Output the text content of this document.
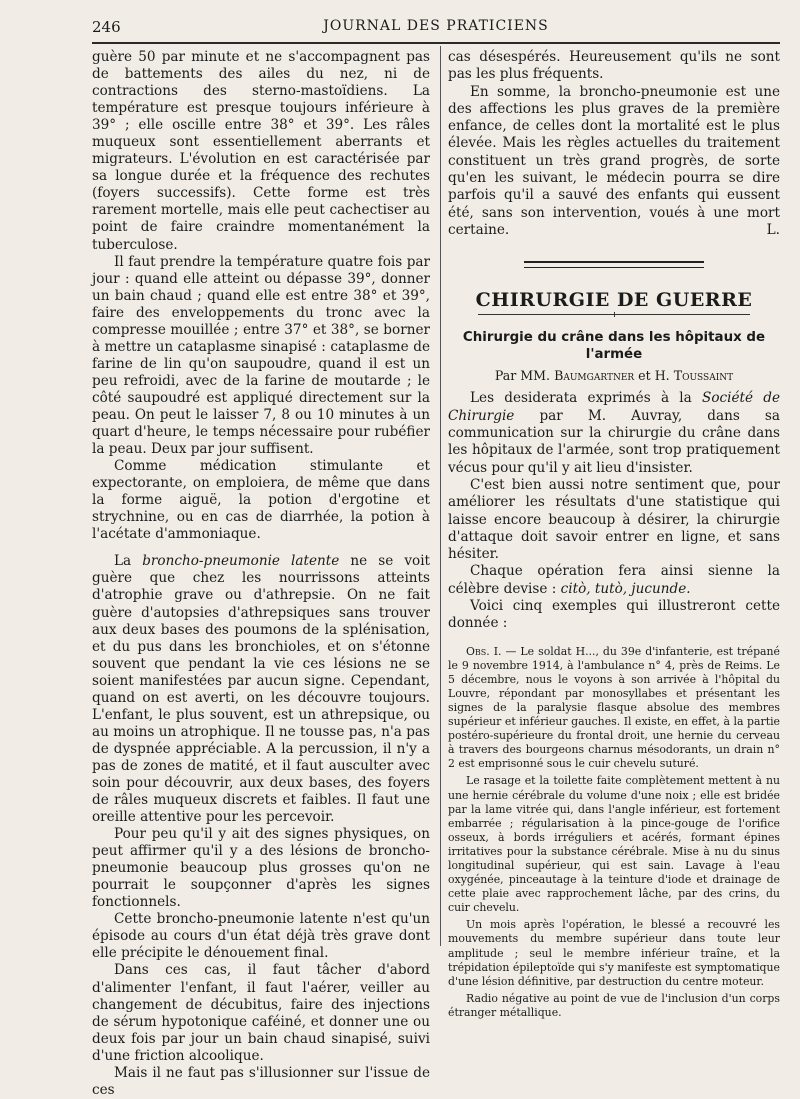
246	JOURNAL DES PRATICIENS

guère 50 par minute et ne s'accompagnent pas de battements des ailes du nez, ni de contractions des sterno-mastoïdiens. La température est presque toujours inférieure à 39° ; elle oscille entre 38° et 39°. Les râles muqueux sont essentiellement aberrants et migrateurs. L'évolution en est caractérisée par sa longue durée et la fréquence des rechutes (foyers successifs). Cette forme est très rarement mortelle, mais elle peut cachectiser au point de faire craindre momentanément la tuberculose.

Il faut prendre la température quatre fois par jour : quand elle atteint ou dépasse 39°, donner un bain chaud ; quand elle est entre 38° et 39°, faire des enveloppements du tronc avec la compresse mouillée ; entre 37° et 38°, se borner à mettre un cataplasme sinapisé : cataplasme de farine de lin qu'on saupoudre, quand il est un peu refroidi, avec de la farine de moutarde ; le côté saupoudré est appliqué directement sur la peau. On peut le laisser 7, 8 ou 10 minutes à un quart d'heure, le temps nécessaire pour rubéfier la peau. Deux par jour suffisent.

Comme médication stimulante et expectorante, on emploiera, de même que dans la forme aiguë, la potion d'ergotine et strychnine, ou en cas de diarrhée, la potion à l'acétate d'ammoniaque.

La broncho-pneumonie latente ne se voit guère que chez les nourrissons atteints d'atrophie grave ou d'athrepsie. On ne fait guère d'autopsies d'athrepsiques sans trouver aux deux bases des poumons de la splénisation, et du pus dans les bronchioles, et on s'étonne souvent que pendant la vie ces lésions ne se soient manifestées par aucun signe. Cependant, quand on est averti, on les découvre toujours. L'enfant, le plus souvent, est un athrepsique, ou au moins un atrophique. Il ne tousse pas, n'a pas de dyspnée appréciable. A la percussion, il n'y a pas de zones de matité, et il faut ausculter avec soin pour découvrir, aux deux bases, des foyers de râles muqueux discrets et faibles. Il faut une oreille attentive pour les percevoir.

Pour peu qu'il y ait des signes physiques, on peut affirmer qu'il y a des lésions de broncho-pneumonie beaucoup plus grosses qu'on ne pourrait le soupçonner d'après les signes fonctionnels.

Cette broncho-pneumonie latente n'est qu'un épisode au cours d'un état déjà très grave dont elle précipite le dénouement final.

Dans ces cas, il faut tâcher d'abord d'alimenter l'enfant, il faut l'aérer, veiller au changement de décubitus, faire des injections de sérum hypotonique caféiné, et donner une ou deux fois par jour un bain chaud sinapisé, suivi d'une friction alcoolique.

Mais il ne faut pas s'illusionner sur l'issue de ces

cas désespérés. Heureusement qu'ils ne sont pas les plus fréquents.

En somme, la broncho-pneumonie est une des affections les plus graves de la première enfance, de celles dont la mortalité est le plus élevée. Mais les règles actuelles du traitement constituent un très grand progrès, de sorte qu'en les suivant, le médecin pourra se dire parfois qu'il a sauvé des enfants qui eussent été, sans son intervention, voués à une mort certaine.	L.

CHIRURGIE DE GUERRE
Chirurgie du crâne dans les hôpitaux de l'armée
Par MM. Baumgartner et H. Toussaint

Les desiderata exprimés à la Société de Chirurgie par M. Auvray, dans sa communication sur la chirurgie du crâne dans les hôpitaux de l'armée, sont trop pratiquement vécus pour qu'il y ait lieu d'insister.

C'est bien aussi notre sentiment que, pour améliorer les résultats d'une statistique qui laisse encore beaucoup à désirer, la chirurgie d'attaque doit savoir entrer en ligne, et sans hésiter.

Chaque opération fera ainsi sienne la célèbre devise : citò, tutò, jucunde.

Voici cinq exemples qui illustreront cette donnée :

Obs. I. — Le soldat H..., du 39e d'infanterie, est trépané le 9 novembre 1914, à l'ambulance n° 4, près de Reims. Le 5 décembre, nous le voyons à son arrivée à l'hôpital du Louvre, répondant par monosyllabes et présentant les signes de la paralysie flasque absolue des membres supérieur et inférieur gauches. Il existe, en effet, à la partie postéro-supérieure du frontal droit, une hernie du cerveau à travers des bourgeons charnus mésodorants, un drain n° 2 est emprisonné sous le cuir chevelu suturé.

Le rasage et la toilette faite complètement mettent à nu une hernie cérébrale du volume d'une noix ; elle est bridée par la lame vitrée qui, dans l'angle inférieur, est fortement embarrée ; régularisation à la pince-gouge de l'orifice osseux, à bords irréguliers et acérés, formant épines irritatives pour la substance cérébrale. Mise à nu du sinus longitudinal supérieur, qui est sain. Lavage à l'eau oxygénée, pinceautage à la teinture d'iode et drainage de cette plaie avec rapprochement lâche, par des crins, du cuir chevelu.

Un mois après l'opération, le blessé a recouvré les mouvements du membre supérieur dans toute leur amplitude ; seul le membre inférieur traîne, et la trépidation épileptoïde qui s'y manifeste est symptomatique d'une lésion définitive, par destruction du centre moteur.

Radio négative au point de vue de l'inclusion d'un corps étranger métallique.
